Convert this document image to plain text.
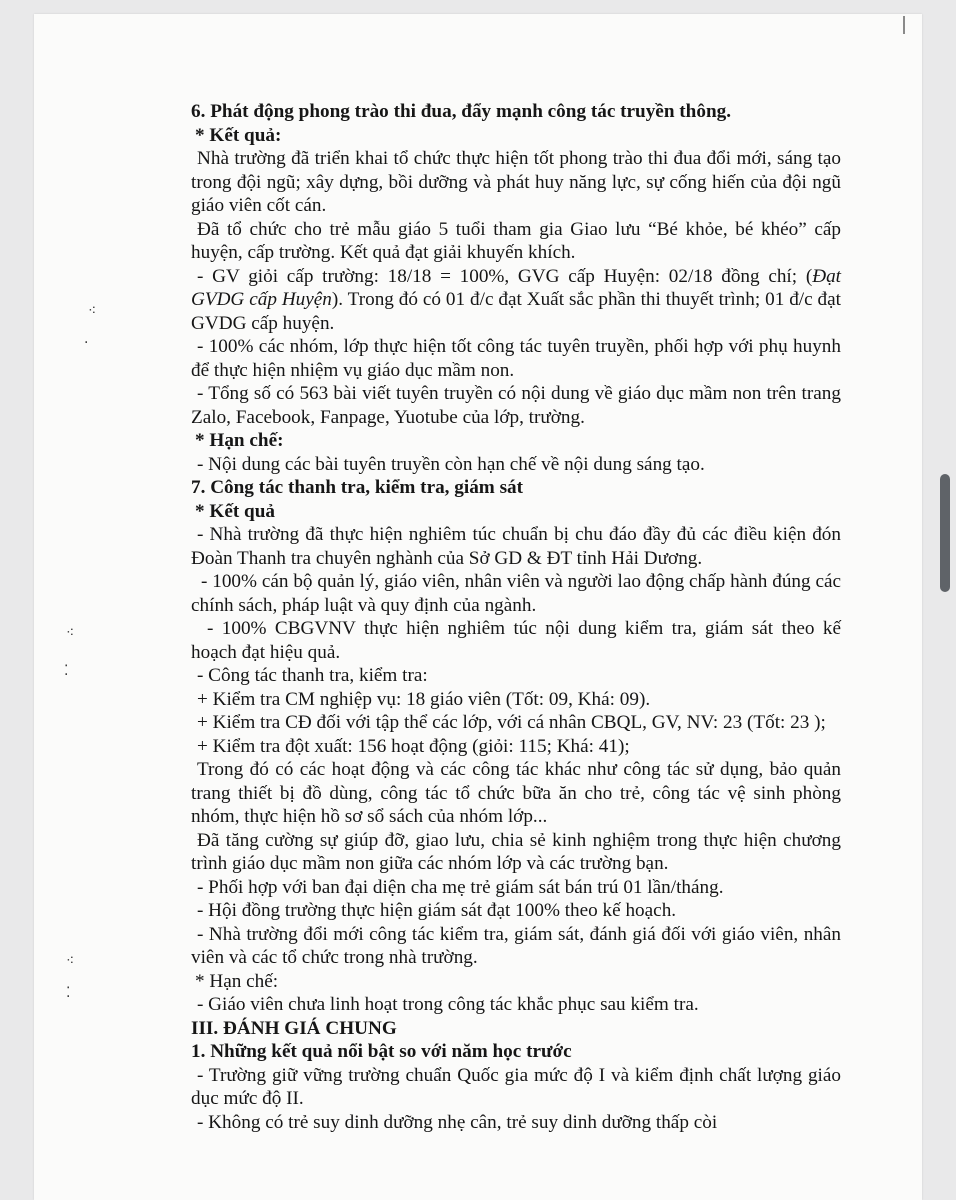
6. Phát động phong trào thi đua, đẩy mạnh công tác truyền thông.

* Kết quả:

Nhà trường đã triển khai tổ chức thực hiện tốt phong trào thi đua đổi mới, sáng tạo trong đội ngũ; xây dựng, bồi dưỡng và phát huy năng lực, sự cống hiến của đội ngũ giáo viên cốt cán.

Đã tổ chức cho trẻ mẫu giáo 5 tuổi tham gia Giao lưu “Bé khỏe, bé khéo” cấp huyện, cấp trường. Kết quả đạt giải khuyến khích.

- GV giỏi cấp trường: 18/18 = 100%, GVG cấp Huyện: 02/18 đồng chí; (Đạt GVDG cấp Huyện). Trong đó có 01 đ/c đạt Xuất sắc phần thi thuyết trình; 01 đ/c đạt GVDG cấp huyện.

- 100% các nhóm, lớp thực hiện tốt công tác tuyên truyền, phối hợp với phụ huynh để thực hiện nhiệm vụ giáo dục mầm non.

- Tổng số có 563 bài viết tuyên truyền có nội dung về giáo dục mầm non trên trang Zalo, Facebook, Fanpage, Yuotube của lớp, trường.

* Hạn chế:

- Nội dung các bài tuyên truyền còn hạn chế về nội dung sáng tạo.

7. Công tác thanh tra, kiểm tra, giám sát

* Kết quả

- Nhà trường đã thực hiện nghiêm túc chuẩn bị chu đáo đầy đủ các điều kiện đón Đoàn Thanh tra chuyên nghành của Sở GD & ĐT tỉnh Hải Dương.

- 100% cán bộ quản lý, giáo viên, nhân viên và người lao động chấp hành đúng các chính sách, pháp luật và quy định của ngành.

- 100% CBGVNV thực hiện nghiêm túc nội dung kiểm tra, giám sát theo kế hoạch đạt hiệu quả.

- Công tác thanh tra, kiểm tra:

+ Kiểm tra CM nghiệp vụ: 18 giáo viên (Tốt: 09, Khá: 09).

+ Kiểm tra CĐ đối với tập thể các lớp, với cá nhân CBQL, GV, NV: 23 (Tốt: 23 );

+ Kiểm tra đột xuất: 156 hoạt động (giỏi: 115; Khá: 41);

Trong đó có các hoạt động và các công tác khác như công tác sử dụng, bảo quản trang thiết bị đồ dùng, công tác tổ chức bữa ăn cho trẻ, công tác vệ sinh phòng nhóm, thực hiện hồ sơ sổ sách của nhóm lớp...

Đã tăng cường sự giúp đỡ, giao lưu, chia sẻ kinh nghiệm trong thực hiện chương trình giáo dục mầm non giữa các nhóm lớp và các trường bạn.

- Phối hợp với ban đại diện cha mẹ trẻ giám sát bán trú 01 lần/tháng.

- Hội đồng trường thực hiện giám sát đạt 100% theo kế hoạch.

- Nhà trường đổi mới công tác kiểm tra, giám sát, đánh giá đối với giáo viên, nhân viên và các tổ chức trong nhà trường.

* Hạn chế:

- Giáo viên chưa linh hoạt trong công tác khắc phục sau kiểm tra.

III. ĐÁNH GIÁ CHUNG

1. Những kết quả nổi bật so với năm học trước

- Trường giữ vững trường chuẩn Quốc gia mức độ I và kiểm định chất lượng giáo dục mức độ II.

- Không có trẻ suy dinh dưỡng nhẹ cân, trẻ suy dinh dưỡng thấp còi

⁖
·
⁖
⁚
⁖
⁚
